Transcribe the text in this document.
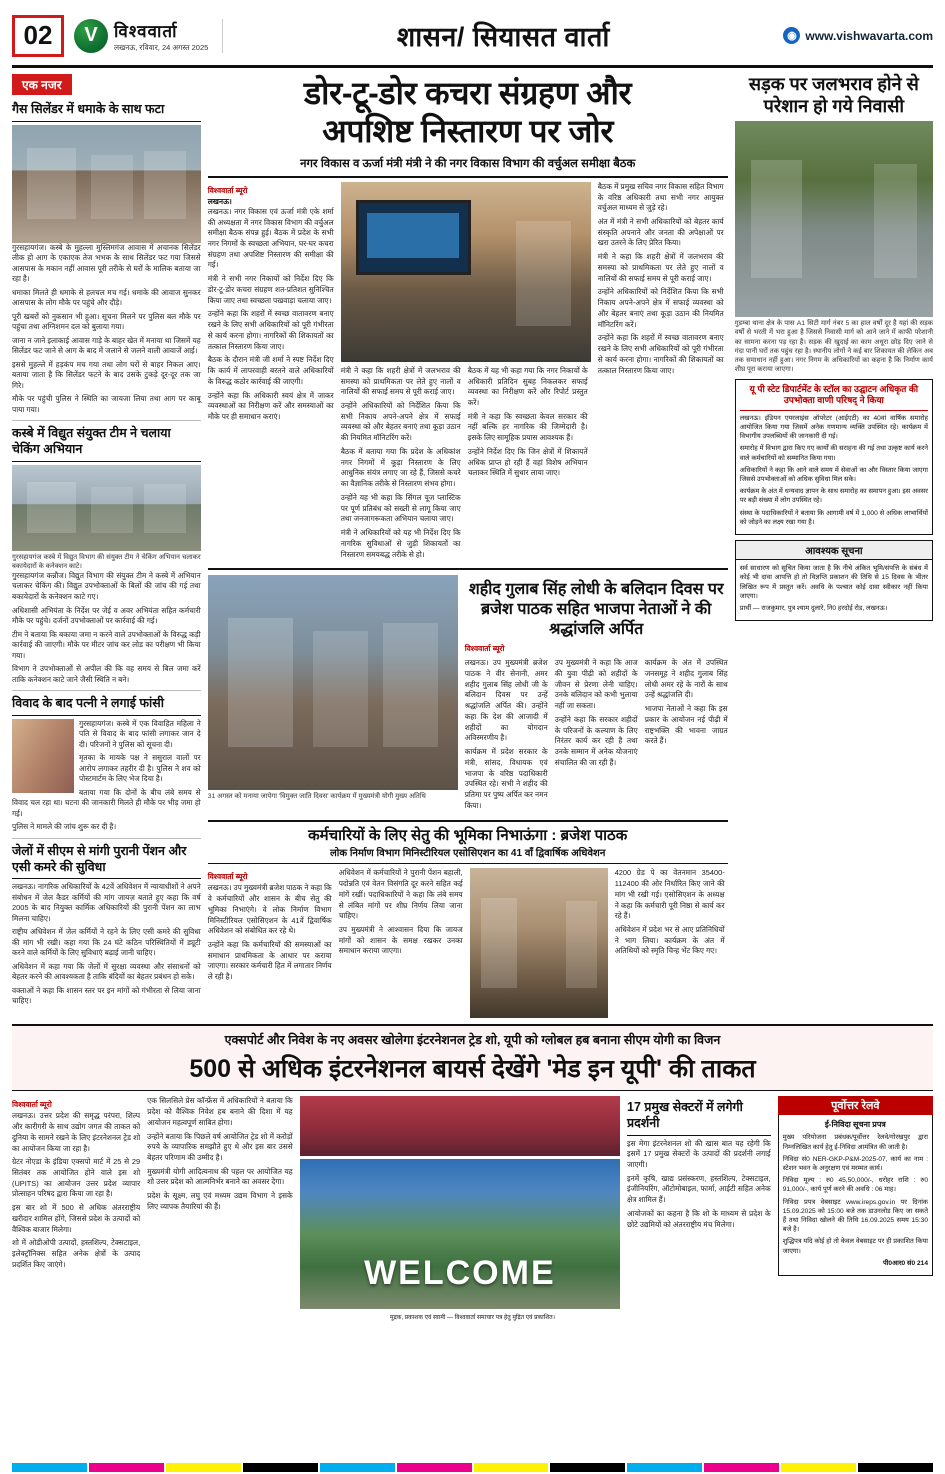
02	V विश्ववार्ता
लखनऊ, रविवार, 24 अगस्त 2025	शासन/ सियासत वार्ता	◉ www.vishwavarta.com
एक नजर
गैस सिलेंडर में धमाके के साथ फटा

गुरसहायगंज। कस्बे के मुहल्ला मुस्लिमगंज आवास में अचानक सिलेंडर लीक हो आग के एकाएक तेज भभक के साथ सिलेंडर फट गया जिससे आसपास के मकान नहीं आवास पूरी तरीके से घरों के मालिक बताया जा रहा है।

धमाका मिलते ही धमाके से हलचल मच गई। धमाके की आवाज सुनकर आसपास के लोग मौके पर पहुंचे और दौड़े।

पूरी खबरों को नुकसान भी हुआ। सूचना मिलने पर पुलिस बल मौके पर पहुंचा तथा अग्निशमन दल को बुलाया गया।

जाना न जाने इलाकाई आवास गाड़े के बाहर खेत में मनाया था जिसमें यह सिलेंडर फट जाने से आग के बाद में जलाने से जलने वाली आवाजें आई।

इससे मुहल्ले में हड़कंप मच गया तथा लोग घरों से बाहर निकल आए। बताया जाता है कि सिलेंडर फटने के बाद उसके टुकड़े दूर-दूर तक जा गिरे।

मौके पर पहुंची पुलिस ने स्थिति का जायजा लिया तथा आग पर काबू पाया गया।

कस्बे में विद्युत संयुक्त टीम ने चलाया चेकिंग अभियान
गुरसहायगंज कस्बे में विद्युत विभाग की संयुक्त टीम ने चेकिंग अभियान चलाकर बकायेदारों के कनेक्शन काटे।

गुरसहायगंज कन्नौज। विद्युत विभाग की संयुक्त टीम ने कस्बे में अभियान चलाकर चेकिंग की। विद्युत उपभोक्ताओं के बिलों की जांच की गई तथा बकायेदारों के कनेक्शन काटे गए।

अधिशासी अभियंता के निर्देश पर जेई व अवर अभियंता सहित कर्मचारी मौके पर पहुंचे। दर्जनों उपभोक्ताओं पर कार्रवाई की गई।

टीम ने बताया कि बकाया जमा न करने वाले उपभोक्ताओं के विरुद्ध कड़ी कार्रवाई की जाएगी। मौके पर मीटर जांच कर लोड का परीक्षण भी किया गया।

विभाग ने उपभोक्ताओं से अपील की कि वह समय से बिल जमा करें ताकि कनेक्शन काटे जाने जैसी स्थिति न बने।

विवाद के बाद पत्नी ने लगाई फांसी

गुरसहायगंज। कस्बे में एक विवाहित महिला ने पति से विवाद के बाद फांसी लगाकर जान दे दी। परिजनों ने पुलिस को सूचना दी।

मृतका के मायके पक्ष ने ससुराल वालों पर आरोप लगाकर तहरीर दी है। पुलिस ने शव को पोस्टमार्टम के लिए भेज दिया है।

बताया गया कि दोनों के बीच लंबे समय से विवाद चल रहा था। घटना की जानकारी मिलते ही मौके पर भीड़ जमा हो गई।

पुलिस ने मामले की जांच शुरू कर दी है।

जेलों में सीएम से मांगी पुरानी पेंशन और एसी कमरे की सुविधा

लखनऊ। नागरिक अधिकारियों के 42वें अधिवेशन में न्यायाधीशों ने अपने संबोधन में जेल कैडर कर्मियों की मांग जायज़ बताते हुए कहा कि वर्ष 2005 के बाद नियुक्त कार्मिक अधिकारियों की पुरानी पेंशन का लाभ मिलना चाहिए।

राष्ट्रीय अधिवेशन में जेल कर्मियों ने रहने के लिए एसी कमरे की सुविधा की मांग भी रखी। कहा गया कि 24 घंटे कठिन परिस्थितियों में ड्यूटी करने वाले कर्मियों के लिए सुविधाएं बढ़ाई जानी चाहिए।

अधिवेशन में कहा गया कि जेलों में सुरक्षा व्यवस्था और संसाधनों को बेहतर करने की आवश्यकता है ताकि बंदियों का बेहतर प्रबंधन हो सके।

वक्ताओं ने कहा कि शासन स्तर पर इन मांगों को गंभीरता से लिया जाना चाहिए।

डोर-टू-डोर कचरा संग्रहण और
अपशिष्ट निस्तारण पर जोर
नगर विकास व ऊर्जा मंत्री मंत्री ने की नगर विकास विभाग की वर्चुअल समीक्षा बैठक
विश्ववार्ता ब्यूरो
लखनऊ।

लखनऊ। नगर विकास एवं ऊर्जा मंत्री एके शर्मा की अध्यक्षता में नगर विकास विभाग की वर्चुअल समीक्षा बैठक संपन्न हुई। बैठक में प्रदेश के सभी नगर निगमों के स्वच्छता अभियान, घर-घर कचरा संग्रहण तथा अपशिष्ट निस्तारण की समीक्षा की गई।

मंत्री ने सभी नगर निकायों को निर्देश दिए कि डोर-टू-डोर कचरा संग्रहण शत-प्रतिशत सुनिश्चित किया जाए तथा स्वच्छता पखवाड़ा चलाया जाए।

उन्होंने कहा कि शहरों में स्वच्छ वातावरण बनाए रखने के लिए सभी अधिकारियों को पूरी गंभीरता से कार्य करना होगा। नागरिकों की शिकायतों का तत्काल निस्तारण किया जाए।

बैठक के दौरान मंत्री जी शर्मा ने स्पष्ट निर्देश दिए कि कार्य में लापरवाही बरतने वाले अधिकारियों के विरुद्ध कठोर कार्रवाई की जाएगी।

उन्होंने कहा कि अधिकारी स्वयं क्षेत्र में जाकर व्यवस्थाओं का निरीक्षण करें और समस्याओं का मौके पर ही समाधान कराएं।

मंत्री ने कहा कि शहरी क्षेत्रों में जलभराव की समस्या को प्राथमिकता पर लेते हुए नालों व नालियों की सफाई समय से पूरी कराई जाए।

उन्होंने अधिकारियों को निर्देशित किया कि सभी निकाय अपने-अपने क्षेत्र में सफाई व्यवस्था को और बेहतर बनाएं तथा कूड़ा उठान की नियमित मॉनिटरिंग करें।

बैठक में बताया गया कि प्रदेश के अधिकांश नगर निगमों में कूड़ा निस्तारण के लिए आधुनिक संयंत्र लगाए जा रहे हैं, जिससे कचरे का वैज्ञानिक तरीके से निस्तारण संभव होगा।

उन्होंने यह भी कहा कि सिंगल यूज प्लास्टिक पर पूर्ण प्रतिबंध को सख्ती से लागू किया जाए तथा जनजागरूकता अभियान चलाया जाए।

मंत्री ने अधिकारियों को यह भी निर्देश दिए कि नागरिक सुविधाओं से जुड़ी शिकायतों का निस्तारण समयबद्ध तरीके से हो।

बैठक में यह भी कहा गया कि नगर निकायों के अधिकारी प्रतिदिन सुबह निकलकर सफाई व्यवस्था का निरीक्षण करें और रिपोर्ट प्रस्तुत करें।

मंत्री ने कहा कि स्वच्छता केवल सरकार की नहीं बल्कि हर नागरिक की जिम्मेदारी है। इसके लिए सामूहिक प्रयास आवश्यक हैं।

उन्होंने निर्देश दिए कि जिन क्षेत्रों में शिकायतें अधिक प्राप्त हो रही हैं वहां विशेष अभियान चलाकर स्थिति में सुधार लाया जाए।

बैठक में प्रमुख सचिव नगर विकास सहित विभाग के वरिष्ठ अधिकारी तथा सभी नगर आयुक्त वर्चुअल माध्यम से जुड़े रहे।

अंत में मंत्री ने सभी अधिकारियों को बेहतर कार्य संस्कृति अपनाने और जनता की अपेक्षाओं पर खरा उतरने के लिए प्रेरित किया।

मंत्री ने कहा कि शहरी क्षेत्रों में जलभराव की समस्या को प्राथमिकता पर लेते हुए नालों व नालियों की सफाई समय से पूरी कराई जाए।

उन्होंने अधिकारियों को निर्देशित किया कि सभी निकाय अपने-अपने क्षेत्र में सफाई व्यवस्था को और बेहतर बनाएं तथा कूड़ा उठान की नियमित मॉनिटरिंग करें।

उन्होंने कहा कि शहरों में स्वच्छ वातावरण बनाए रखने के लिए सभी अधिकारियों को पूरी गंभीरता से कार्य करना होगा। नागरिकों की शिकायतों का तत्काल निस्तारण किया जाए।

31 अगस्त को मनाया जायेगा 'विमुक्त जाति दिवस' कार्यक्रम में मुख्यमंत्री योगी मुख्य अतिथि
शहीद गुलाब सिंह लोधी के बलिदान दिवस पर ब्रजेश पाठक सहित भाजपा नेताओं ने की श्रद्धांजलि अर्पित
विश्ववार्ता ब्यूरो

लखनऊ। उप मुख्यमंत्री ब्रजेश पाठक ने वीर सेनानी, अमर शहीद गुलाब सिंह लोधी जी के बलिदान दिवस पर उन्हें श्रद्धांजलि अर्पित की। उन्होंने कहा कि देश की आजादी में शहीदों का योगदान अविस्मरणीय है।

कार्यक्रम में प्रदेश सरकार के मंत्री, सांसद, विधायक एवं भाजपा के वरिष्ठ पदाधिकारी उपस्थित रहे। सभी ने शहीद की प्रतिमा पर पुष्प अर्पित कर नमन किया।

उप मुख्यमंत्री ने कहा कि आज की युवा पीढ़ी को शहीदों के जीवन से प्रेरणा लेनी चाहिए। उनके बलिदान को कभी भुलाया नहीं जा सकता।

उन्होंने कहा कि सरकार शहीदों के परिजनों के कल्याण के लिए निरंतर कार्य कर रही है तथा उनके सम्मान में अनेक योजनाएं संचालित की जा रही हैं।

कार्यक्रम के अंत में उपस्थित जनसमूह ने शहीद गुलाब सिंह लोधी अमर रहे के नारों के साथ उन्हें श्रद्धांजलि दी।

भाजपा नेताओं ने कहा कि इस प्रकार के आयोजन नई पीढ़ी में राष्ट्रभक्ति की भावना जाग्रत करते हैं।

कर्मचारियों के लिए सेतु की भूमिका निभाऊंगा : ब्रजेश पाठक
लोक निर्माण विभाग मिनिस्टीरियल एसोसिएशन का 41 वाँ द्विवार्षिक अधिवेशन
विश्ववार्ता ब्यूरो

लखनऊ। उप मुख्यमंत्री ब्रजेश पाठक ने कहा कि वे कर्मचारियों और शासन के बीच सेतु की भूमिका निभाएंगे। वे लोक निर्माण विभाग मिनिस्टीरियल एसोसिएशन के 41वें द्विवार्षिक अधिवेशन को संबोधित कर रहे थे।

उन्होंने कहा कि कर्मचारियों की समस्याओं का समाधान प्राथमिकता के आधार पर कराया जाएगा। सरकार कर्मचारी हित में लगातार निर्णय ले रही है।

अधिवेशन में कर्मचारियों ने पुरानी पेंशन बहाली, पदोन्नति एवं वेतन विसंगति दूर करने सहित कई मांगें रखीं। पदाधिकारियों ने कहा कि लंबे समय से लंबित मांगों पर शीघ्र निर्णय लिया जाना चाहिए।

उप मुख्यमंत्री ने आश्वासन दिया कि जायज मांगों को शासन के समक्ष रखकर उनका समाधान कराया जाएगा।

4200 ग्रेड पे का वेतनमान 35400-112400 की ओर निर्धारित किए जाने की मांग भी रखी गई। एसोसिएशन के अध्यक्ष ने कहा कि कर्मचारी पूरी निष्ठा से कार्य कर रहे हैं।

अधिवेशन में प्रदेश भर से आए प्रतिनिधियों ने भाग लिया। कार्यक्रम के अंत में अतिथियों को स्मृति चिन्ह भेंट किए गए।

सड़क पर जलभराव होने से परेशान हो गये निवासी
गुडम्बा थाना क्षेत्र के पास A1 सिटी मार्ग नंबर 5 का हाल वर्षों दूर है यहां की सड़क वर्षों से भरती में भरा हुआ है जिससे निवासी मार्ग को आने जाने में काफी परेशानी का सामना करना पड़ रहा है। सड़क की खुदाई का काम अधूरा छोड़ दिए जाने से गंदा पानी घरों तक पहुंच रहा है। स्थानीय लोगों ने कई बार शिकायत की लेकिन अब तक समाधान नहीं हुआ। नगर निगम के अधिकारियों का कहना है कि निर्माण कार्य शीघ्र पूरा कराया जाएगा।
यू पी स्टेट डिपार्टमेंट के स्टॉल का उद्घाटन अधिकृत की उपभोक्ता वाणी परिषद् ने किया

लखनऊ। इंडियन एयरलाइंस ऑपरेटर (आईएटी) का 40वां वार्षिक समारोह आयोजित किया गया जिसमें अनेक गणमान्य व्यक्ति उपस्थित रहे। कार्यक्रम में विभागीय उपलब्धियों की जानकारी दी गई।

समारोह में विभाग द्वारा किए गए कार्यों की सराहना की गई तथा उत्कृष्ट कार्य करने वाले कर्मचारियों को सम्मानित किया गया।

अधिकारियों ने कहा कि आने वाले समय में सेवाओं का और विस्तार किया जाएगा जिससे उपभोक्ताओं को अधिक सुविधा मिल सके।

कार्यक्रम के अंत में धन्यवाद ज्ञापन के साथ समारोह का समापन हुआ। इस अवसर पर बड़ी संख्या में लोग उपस्थित रहे।

संस्था के पदाधिकारियों ने बताया कि आगामी वर्ष में 1,000 से अधिक लाभार्थियों को जोड़ने का लक्ष्य रखा गया है।

आवश्यक सूचना

सर्व साधारण को सूचित किया जाता है कि नीचे अंकित भूमि/संपत्ति के संबंध में कोई भी दावा आपत्ति हो तो विज्ञप्ति प्रकाशन की तिथि से 15 दिवस के भीतर लिखित रूप में प्रस्तुत करें। अवधि के पश्चात कोई दावा स्वीकार नहीं किया जाएगा।

प्रार्थी — राजकुमार, पुत्र श्याम दुलारे, नि0 हरदोई रोड, लखनऊ।

एक्सपोर्ट और निवेश के नए अवसर खोलेगा इंटरनेशनल ट्रेड शो, यूपी को ग्लोबल हब बनाना सीएम योगी का विजन
500 से अधिक इंटरनेशनल बायर्स देखेंगे 'मेड इन यूपी' की ताकत
विश्ववार्ता ब्यूरो

लखनऊ। उत्तर प्रदेश की समृद्ध परंपरा, शिल्प और कारीगरी के साथ उद्योग जगत की ताकत को दुनिया के सामने रखने के लिए इंटरनेशनल ट्रेड शो का आयोजन किया जा रहा है।

ग्रेटर नोएडा के इंडिया एक्सपो मार्ट में 25 से 29 सितंबर तक आयोजित होने वाले इस शो (UPITS) का आयोजन उत्तर प्रदेश व्यापार प्रोत्साहन परिषद द्वारा किया जा रहा है।

इस बार शो में 500 से अधिक अंतरराष्ट्रीय खरीदार शामिल होंगे, जिससे प्रदेश के उत्पादों को वैश्विक बाजार मिलेगा।

शो में ओडीओपी उत्पादों, हस्तशिल्प, टेक्सटाइल, इलेक्ट्रॉनिक्स सहित अनेक क्षेत्रों के उत्पाद प्रदर्शित किए जाएंगे।

एक सिलसिले प्रेस कॉन्फ्रेंस में अधिकारियों ने बताया कि प्रदेश को वैश्विक निवेश हब बनाने की दिशा में यह आयोजन महत्वपूर्ण साबित होगा।

उन्होंने बताया कि पिछले वर्ष आयोजित ट्रेड शो में करोड़ों रुपये के व्यापारिक समझौते हुए थे और इस बार उससे बेहतर परिणाम की उम्मीद है।

मुख्यमंत्री योगी आदित्यनाथ की पहल पर आयोजित यह शो उत्तर प्रदेश को आत्मनिर्भर बनाने का अवसर देगा।

प्रदेश के सूक्ष्म, लघु एवं मध्यम उद्यम विभाग ने इसके लिए व्यापक तैयारियां की हैं।

WELCOME
17 प्रमुख सेक्टरों में लगेगी प्रदर्शनी

इस मेगा इंटरनेशनल शो की खास बात यह रहेगी कि इसमें 17 प्रमुख सेक्टरों के उत्पादों की प्रदर्शनी लगाई जाएगी।

इनमें कृषि, खाद्य प्रसंस्करण, हस्तशिल्प, टेक्सटाइल, इंजीनियरिंग, ऑटोमोबाइल, फार्मा, आईटी सहित अनेक क्षेत्र शामिल हैं।

आयोजकों का कहना है कि शो के माध्यम से प्रदेश के छोटे उद्यमियों को अंतरराष्ट्रीय मंच मिलेगा।

पूर्वोत्तर रेलवे
ई-निविदा सूचना प्रपत्र

मुख्य परियोजना प्रबंधक/पूर्वोत्तर रेलवे/गोरखपुर द्वारा निम्नलिखित कार्य हेतु ई-निविदा आमंत्रित की जाती है।

निविदा सं0 NER-GKP-P&M-2025-07, कार्य का नाम : स्टेशन भवन के अनुरक्षण एवं मरम्मत कार्य।

निविदा मूल्य : रु0 45,50,000/-, धरोहर राशि : रु0 91,000/-, कार्य पूर्ण करने की अवधि : 06 माह।

निविदा प्रपत्र वेबसाइट www.ireps.gov.in पर दिनांक 15.09.2025 को 15:00 बजे तक डाउनलोड किए जा सकते हैं तथा निविदा खोलने की तिथि 16.09.2025 समय 15:30 बजे है।

शुद्धिपत्र यदि कोई हो तो केवल वेबसाइट पर ही प्रकाशित किया जाएगा।

पी0आर0 सं0 214

मुद्रक, प्रकाशक एवं स्वामी — विश्ववार्ता समाचार पत्र हेतु मुद्रित एवं प्रकाशित।
